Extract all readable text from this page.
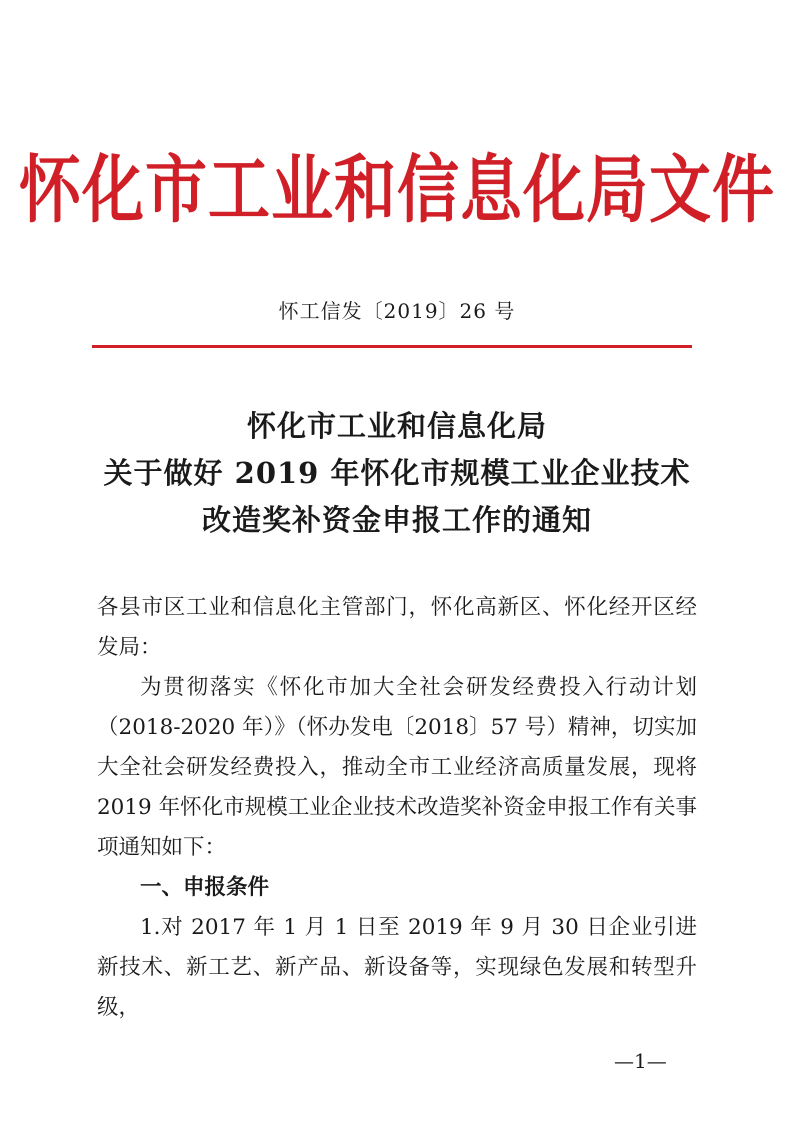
怀化市工业和信息化局文件
怀工信发〔2019〕26 号
怀化市工业和信息化局
关于做好 2019 年怀化市规模工业企业技术
改造奖补资金申报工作的通知

各县市区工业和信息化主管部门，怀化高新区、怀化经开区经发局：

为贯彻落实《怀化市加大全社会研发经费投入行动计划（2018-2020 年）》（怀办发电〔2018〕57 号）精神，切实加大全社会研发经费投入，推动全市工业经济高质量发展，现将 2019 年怀化市规模工业企业技术改造奖补资金申报工作有关事项通知如下：

一、申报条件

1.对 2017 年 1 月 1 日至 2019 年 9 月 30 日企业引进新技术、新工艺、新产品、新设备等，实现绿色发展和转型升级，

—1—
